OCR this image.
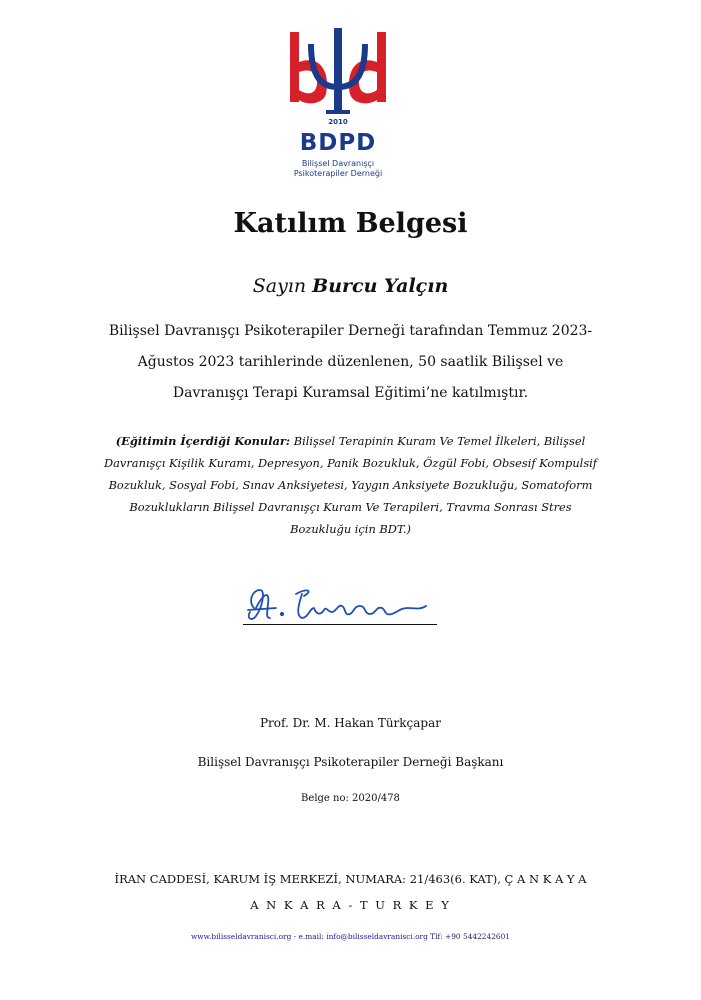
2010
BDPD
Bilişsel Davranışçı
Psikoterapiler Derneği
Katılım Belgesi
Sayın Burcu Yalçın
Bilişsel Davranışçı Psikoterapiler Derneği tarafından Temmuz 2023-
Ağustos 2023 tarihlerinde düzenlenen, 50 saatlik Bilişsel ve
Davranışçı Terapi Kuramsal Eğitimi’ne katılmıştır.
(Eğitimin İçerdiği Konular: Bilişsel Terapinin Kuram Ve Temel İlkeleri, Bilişsel
Davranışçı Kişilik Kuramı, Depresyon, Panik Bozukluk, Özgül Fobi, Obsesif Kompulsif
Bozukluk, Sosyal Fobi, Sınav Anksiyetesi, Yaygın Anksiyete Bozukluğu, Somatoform
Bozuklukların Bilişsel Davranışçı Kuram Ve Terapileri, Travma Sonrası Stres
Bozukluğu için BDT.)
Prof. Dr. M. Hakan Türkçapar
Bilişsel Davranışçı Psikoterapiler Derneği Başkanı
Belge no: 2020/478
İRAN CADDESİ, KARUM İŞ MERKEZİ, NUMARA: 21/463(6. KAT), Ç A N K A Y A
A N K A R A - T U R K E Y
www.bilisseldavranisci.org - e.mail: info@bilisseldavranisci.org Tlf: +90 5442242601
